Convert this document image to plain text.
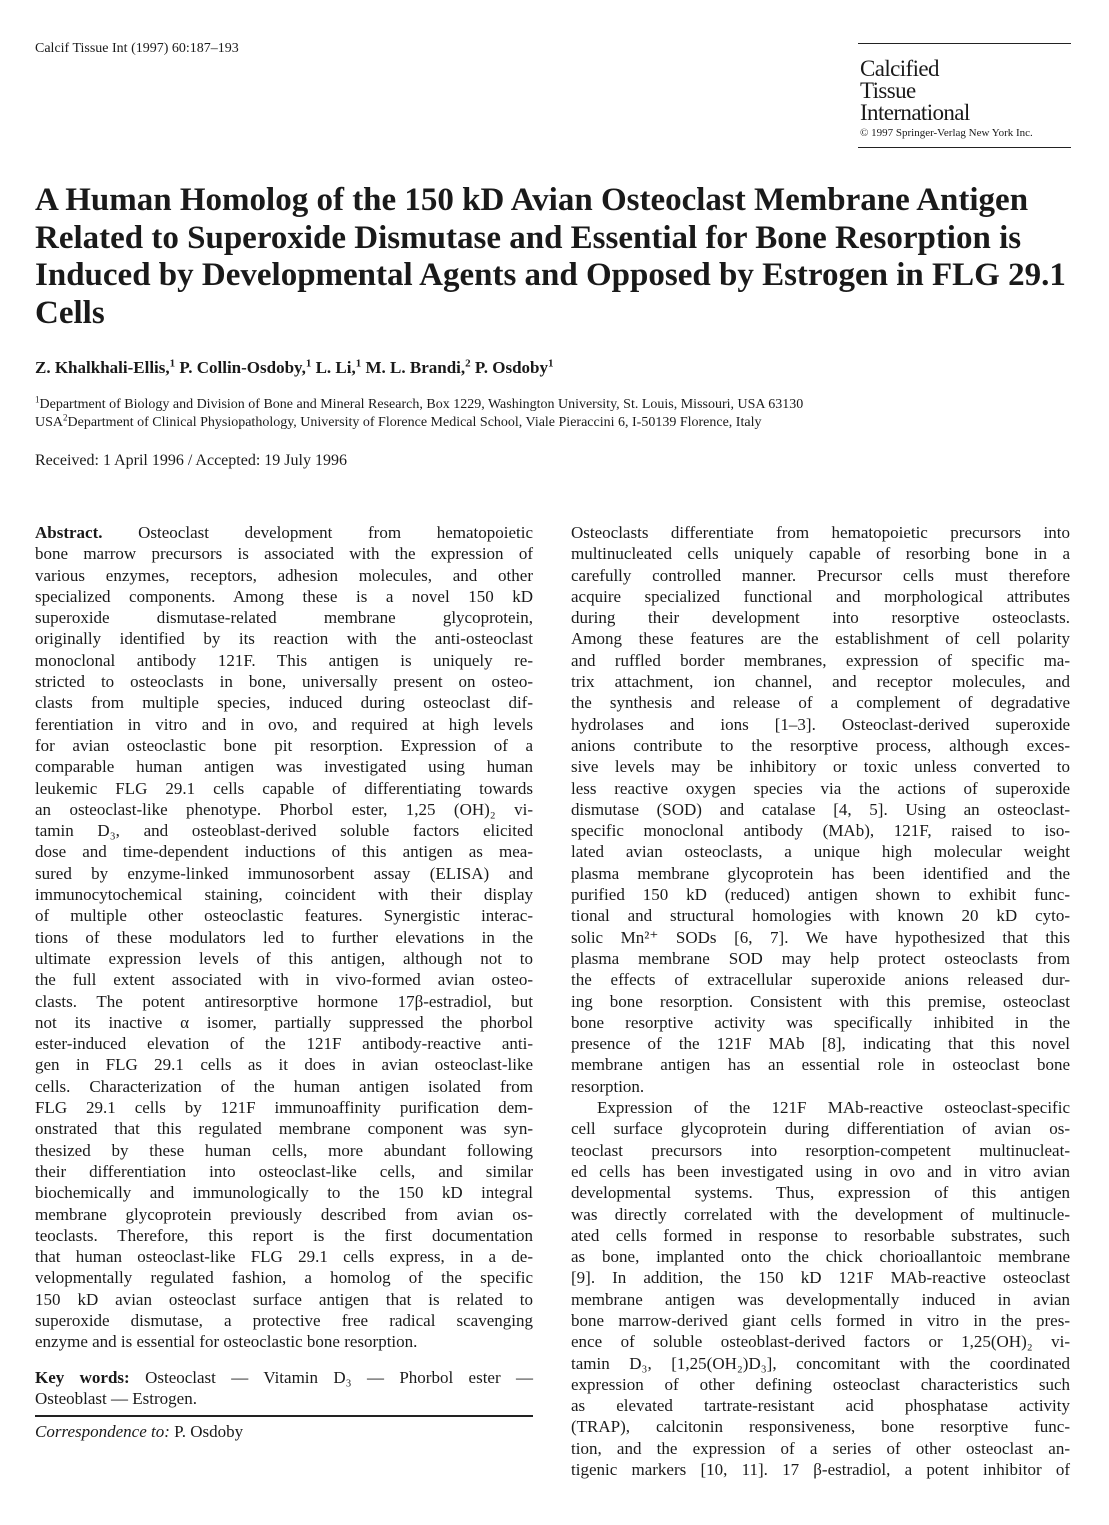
Calcif Tissue Int (1997) 60:187–193
Calcified
Tissue
International
© 1997 Springer-Verlag New York Inc.
A Human Homolog of the 150 kD Avian Osteoclast Membrane Antigen Related to Superoxide Dismutase and Essential for Bone Resorption is Induced by Developmental Agents and Opposed by Estrogen in FLG 29.1 Cells
Z. Khalkhali-Ellis,$^1$ P. Collin-Osdoby,$^1$ L. Li,$^1$ M. L. Brandi,$^2$ P. Osdoby$^1$
$^1$Department of Biology and Division of Bone and Mineral Research, Box 1229, Washington University, St. Louis, Missouri, USA 63130
USA$^2$Department of Clinical Physiopathology, University of Florence Medical School, Viale Pieraccini 6, I-50139 Florence, Italy
Received: 1 April 1996 / Accepted: 19 July 1996
Abstract. Osteoclast development from hematopoietic
bone marrow precursors is associated with the expression of
various enzymes, receptors, adhesion molecules, and other
specialized components. Among these is a novel 150 kD
superoxide dismutase-related membrane glycoprotein,
originally identified by its reaction with the anti-osteoclast
monoclonal antibody 121F. This antigen is uniquely re-
stricted to osteoclasts in bone, universally present on osteo-
clasts from multiple species, induced during osteoclast dif-
ferentiation in vitro and in ovo, and required at high levels
for avian osteoclastic bone pit resorption. Expression of a
comparable human antigen was investigated using human
leukemic FLG 29.1 cells capable of differentiating towards
an osteoclast-like phenotype. Phorbol ester, 1,25 (OH)₂ vi-
tamin D₃, and osteoblast-derived soluble factors elicited
dose and time-dependent inductions of this antigen as mea-
sured by enzyme-linked immunosorbent assay (ELISA) and
immunocytochemical staining, coincident with their display
of multiple other osteoclastic features. Synergistic interac-
tions of these modulators led to further elevations in the
ultimate expression levels of this antigen, although not to
the full extent associated with in vivo-formed avian osteo-
clasts. The potent antiresorptive hormone 17β-estradiol, but
not its inactive α isomer, partially suppressed the phorbol
ester-induced elevation of the 121F antibody-reactive anti-
gen in FLG 29.1 cells as it does in avian osteoclast-like
cells. Characterization of the human antigen isolated from
FLG 29.1 cells by 121F immunoaffinity purification dem-
onstrated that this regulated membrane component was syn-
thesized by these human cells, more abundant following
their differentiation into osteoclast-like cells, and similar
biochemically and immunologically to the 150 kD integral
membrane glycoprotein previously described from avian os-
teoclasts. Therefore, this report is the first documentation
that human osteoclast-like FLG 29.1 cells express, in a de-
velopmentally regulated fashion, a homolog of the specific
150 kD avian osteoclast surface antigen that is related to
superoxide dismutase, a protective free radical scavenging
enzyme and is essential for osteoclastic bone resorption.
Key words: Osteoclast — Vitamin D₃ — Phorbol ester —
Osteoblast — Estrogen.
Osteoclasts differentiate from hematopoietic precursors into
multinucleated cells uniquely capable of resorbing bone in a
carefully controlled manner. Precursor cells must therefore
acquire specialized functional and morphological attributes
during their development into resorptive osteoclasts.
Among these features are the establishment of cell polarity
and ruffled border membranes, expression of specific ma-
trix attachment, ion channel, and receptor molecules, and
the synthesis and release of a complement of degradative
hydrolases and ions [1–3]. Osteoclast-derived superoxide
anions contribute to the resorptive process, although exces-
sive levels may be inhibitory or toxic unless converted to
less reactive oxygen species via the actions of superoxide
dismutase (SOD) and catalase [4, 5]. Using an osteoclast-
specific monoclonal antibody (MAb), 121F, raised to iso-
lated avian osteoclasts, a unique high molecular weight
plasma membrane glycoprotein has been identified and the
purified 150 kD (reduced) antigen shown to exhibit func-
tional and structural homologies with known 20 kD cyto-
solic Mn²⁺ SODs [6, 7]. We have hypothesized that this
plasma membrane SOD may help protect osteoclasts from
the effects of extracellular superoxide anions released dur-
ing bone resorption. Consistent with this premise, osteoclast
bone resorptive activity was specifically inhibited in the
presence of the 121F MAb [8], indicating that this novel
membrane antigen has an essential role in osteoclast bone
resorption.
Expression of the 121F MAb-reactive osteoclast-specific
cell surface glycoprotein during differentiation of avian os-
teoclast precursors into resorption-competent multinucleat-
ed cells has been investigated using in ovo and in vitro avian
developmental systems. Thus, expression of this antigen
was directly correlated with the development of multinucle-
ated cells formed in response to resorbable substrates, such
as bone, implanted onto the chick chorioallantoic membrane
[9]. In addition, the 150 kD 121F MAb-reactive osteoclast
membrane antigen was developmentally induced in avian
bone marrow-derived giant cells formed in vitro in the pres-
ence of soluble osteoblast-derived factors or 1,25(OH)₂ vi-
tamin D₃, [1,25(OH₂)D₃], concomitant with the coordinated
expression of other defining osteoclast characteristics such
as elevated tartrate-resistant acid phosphatase activity
(TRAP), calcitonin responsiveness, bone resorptive func-
tion, and the expression of a series of other osteoclast an-
tigenic markers [10, 11]. 17 β-estradiol, a potent inhibitor of
Correspondence to: P. Osdoby
